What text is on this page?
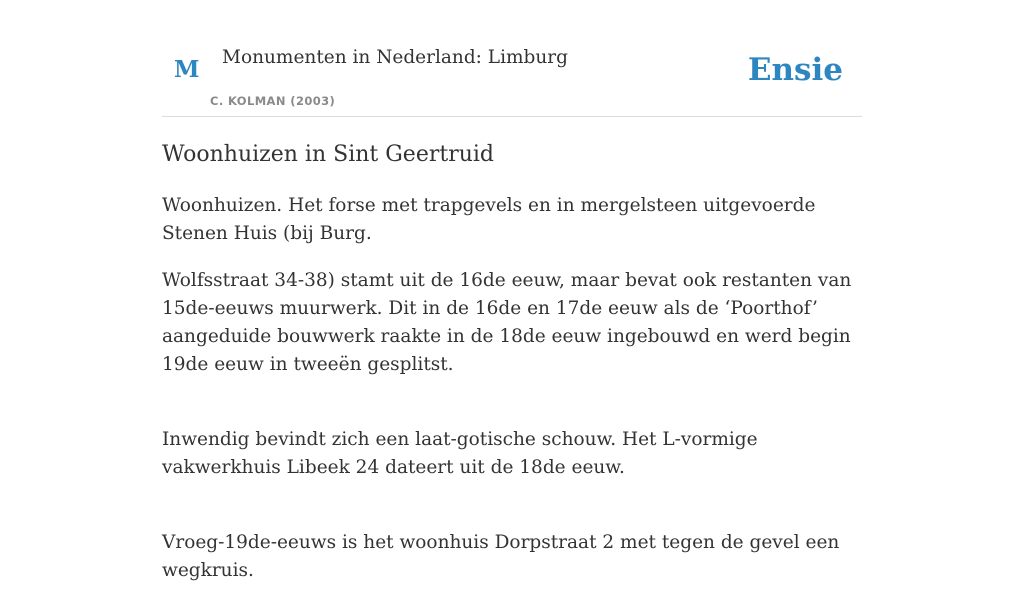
M Monumenten in Nederland: Limburg
C. KOLMAN (2003)
Ensie
Woonhuizen in Sint Geertruid

Woonhuizen. Het forse met trapgevels en in mergelsteen uitgevoerde Stenen Huis (bij Burg.

Wolfsstraat 34-38) stamt uit de 16de eeuw, maar bevat ook restanten van 15de-eeuws muurwerk. Dit in de 16de en 17de eeuw als de ‘Poorthof’ aangeduide bouwwerk raakte in de 18de eeuw ingebouwd en werd begin 19de eeuw in tweeën gesplitst.

Inwendig bevindt zich een laat-gotische schouw. Het L-vormige vakwerkhuis Libeek 24 dateert uit de 18de eeuw.

Vroeg-19de-eeuws is het woonhuis Dorpstraat 2 met tegen de gevel een wegkruis.
